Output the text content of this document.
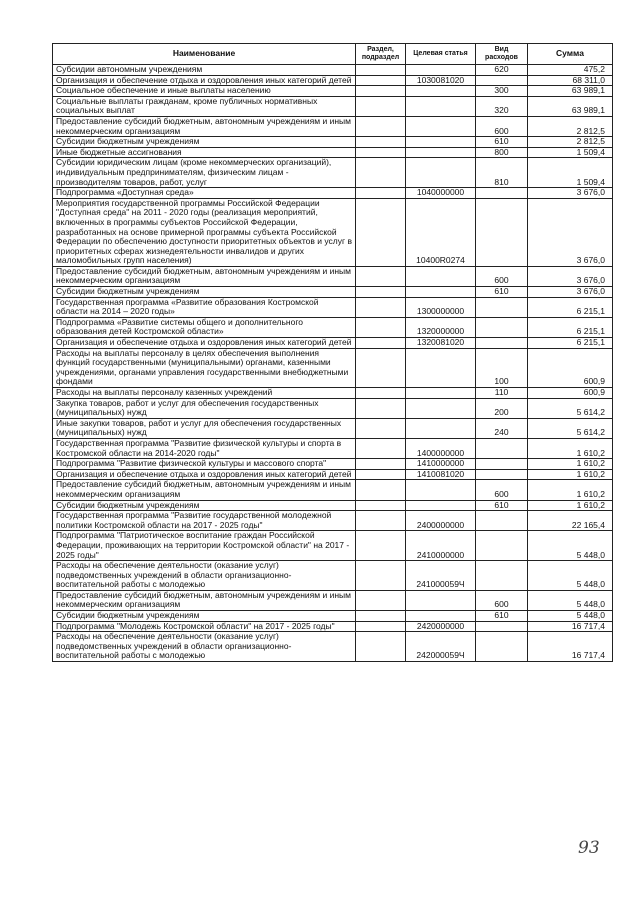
Наименование	Раздел, подраздел	Целевая статья	Вид расходов	Сумма
Субсидии автономным учреждениям			620	475,2
Организация и обеспечение отдыха и оздоровления иных категорий детей		1030081020		68 311,0
Социальное обеспечение и иные выплаты населению			300	63 989,1
Социальные выплаты гражданам, кроме публичных нормативных социальных выплат			320	63 989,1
Предоставление субсидий бюджетным, автономным учреждениям и иным некоммерческим организациям			600	2 812,5
Субсидии бюджетным учреждениям			610	2 812,5
Иные бюджетные ассигнования			800	1 509,4
Субсидии юридическим лицам (кроме некоммерческих организаций), индивидуальным предпринимателям, физическим лицам - производителям товаров, работ, услуг			810	1 509,4
Подпрограмма «Доступная среда»		1040000000		3 676,0
Мероприятия государственной программы Российской Федерации "Доступная среда" на 2011 - 2020 годы (реализация мероприятий, включенных в программы субъектов Российской Федерации, разработанных на основе примерной программы субъекта Российской Федерации по обеспечению доступности приоритетных объектов и услуг в приоритетных сферах жизнедеятельности инвалидов и других маломобильных групп населения)		10400R0274		3 676,0
Предоставление субсидий бюджетным, автономным учреждениям и иным некоммерческим организациям			600	3 676,0
Субсидии бюджетным учреждениям			610	3 676,0
Государственная программа «Развитие образования Костромской области на 2014 – 2020 годы»		1300000000		6 215,1
Подпрограмма «Развитие системы общего и дополнительного образования детей Костромской области»		1320000000		6 215,1
Организация и обеспечение отдыха и оздоровления иных категорий детей		1320081020		6 215,1
Расходы на выплаты персоналу в целях обеспечения выполнения функций государственными (муниципальными) органами, казенными учреждениями, органами управления государственными внебюджетными фондами			100	600,9
Расходы на выплаты персоналу казенных учреждений			110	600,9
Закупка товаров, работ и услуг для обеспечения государственных (муниципальных) нужд			200	5 614,2
Иные закупки товаров, работ и услуг для обеспечения государственных (муниципальных) нужд			240	5 614,2
Государственная программа "Развитие физической культуры и спорта в Костромской области на 2014-2020 годы"		1400000000		1 610,2
Подпрограмма "Развитие физической культуры и массового спорта"		1410000000		1 610,2
Организация и обеспечение отдыха и оздоровления иных категорий детей		1410081020		1 610,2
Предоставление субсидий бюджетным, автономным учреждениям и иным некоммерческим организациям			600	1 610,2
Субсидии бюджетным учреждениям			610	1 610,2
Государственная программа "Развитие государственной молодежной политики Костромской области на 2017 - 2025 годы"		2400000000		22 165,4
Подпрограмма "Патриотическое воспитание граждан Российской Федерации, проживающих на территории Костромской области" на 2017 - 2025 годы"		2410000000		5 448,0
Расходы на обеспечение деятельности (оказание услуг) подведомственных учреждений в области организационно-воспитательной работы с молодежью		241000059Ч		5 448,0
Предоставление субсидий бюджетным, автономным учреждениям и иным некоммерческим организациям			600	5 448,0
Субсидии бюджетным учреждениям			610	5 448,0
Подпрограмма "Молодежь Костромской области" на 2017 - 2025 годы"		2420000000		16 717,4
Расходы на обеспечение деятельности (оказание услуг) подведомственных учреждений в области организационно-воспитательной работы с молодежью		242000059Ч		16 717,4
93
